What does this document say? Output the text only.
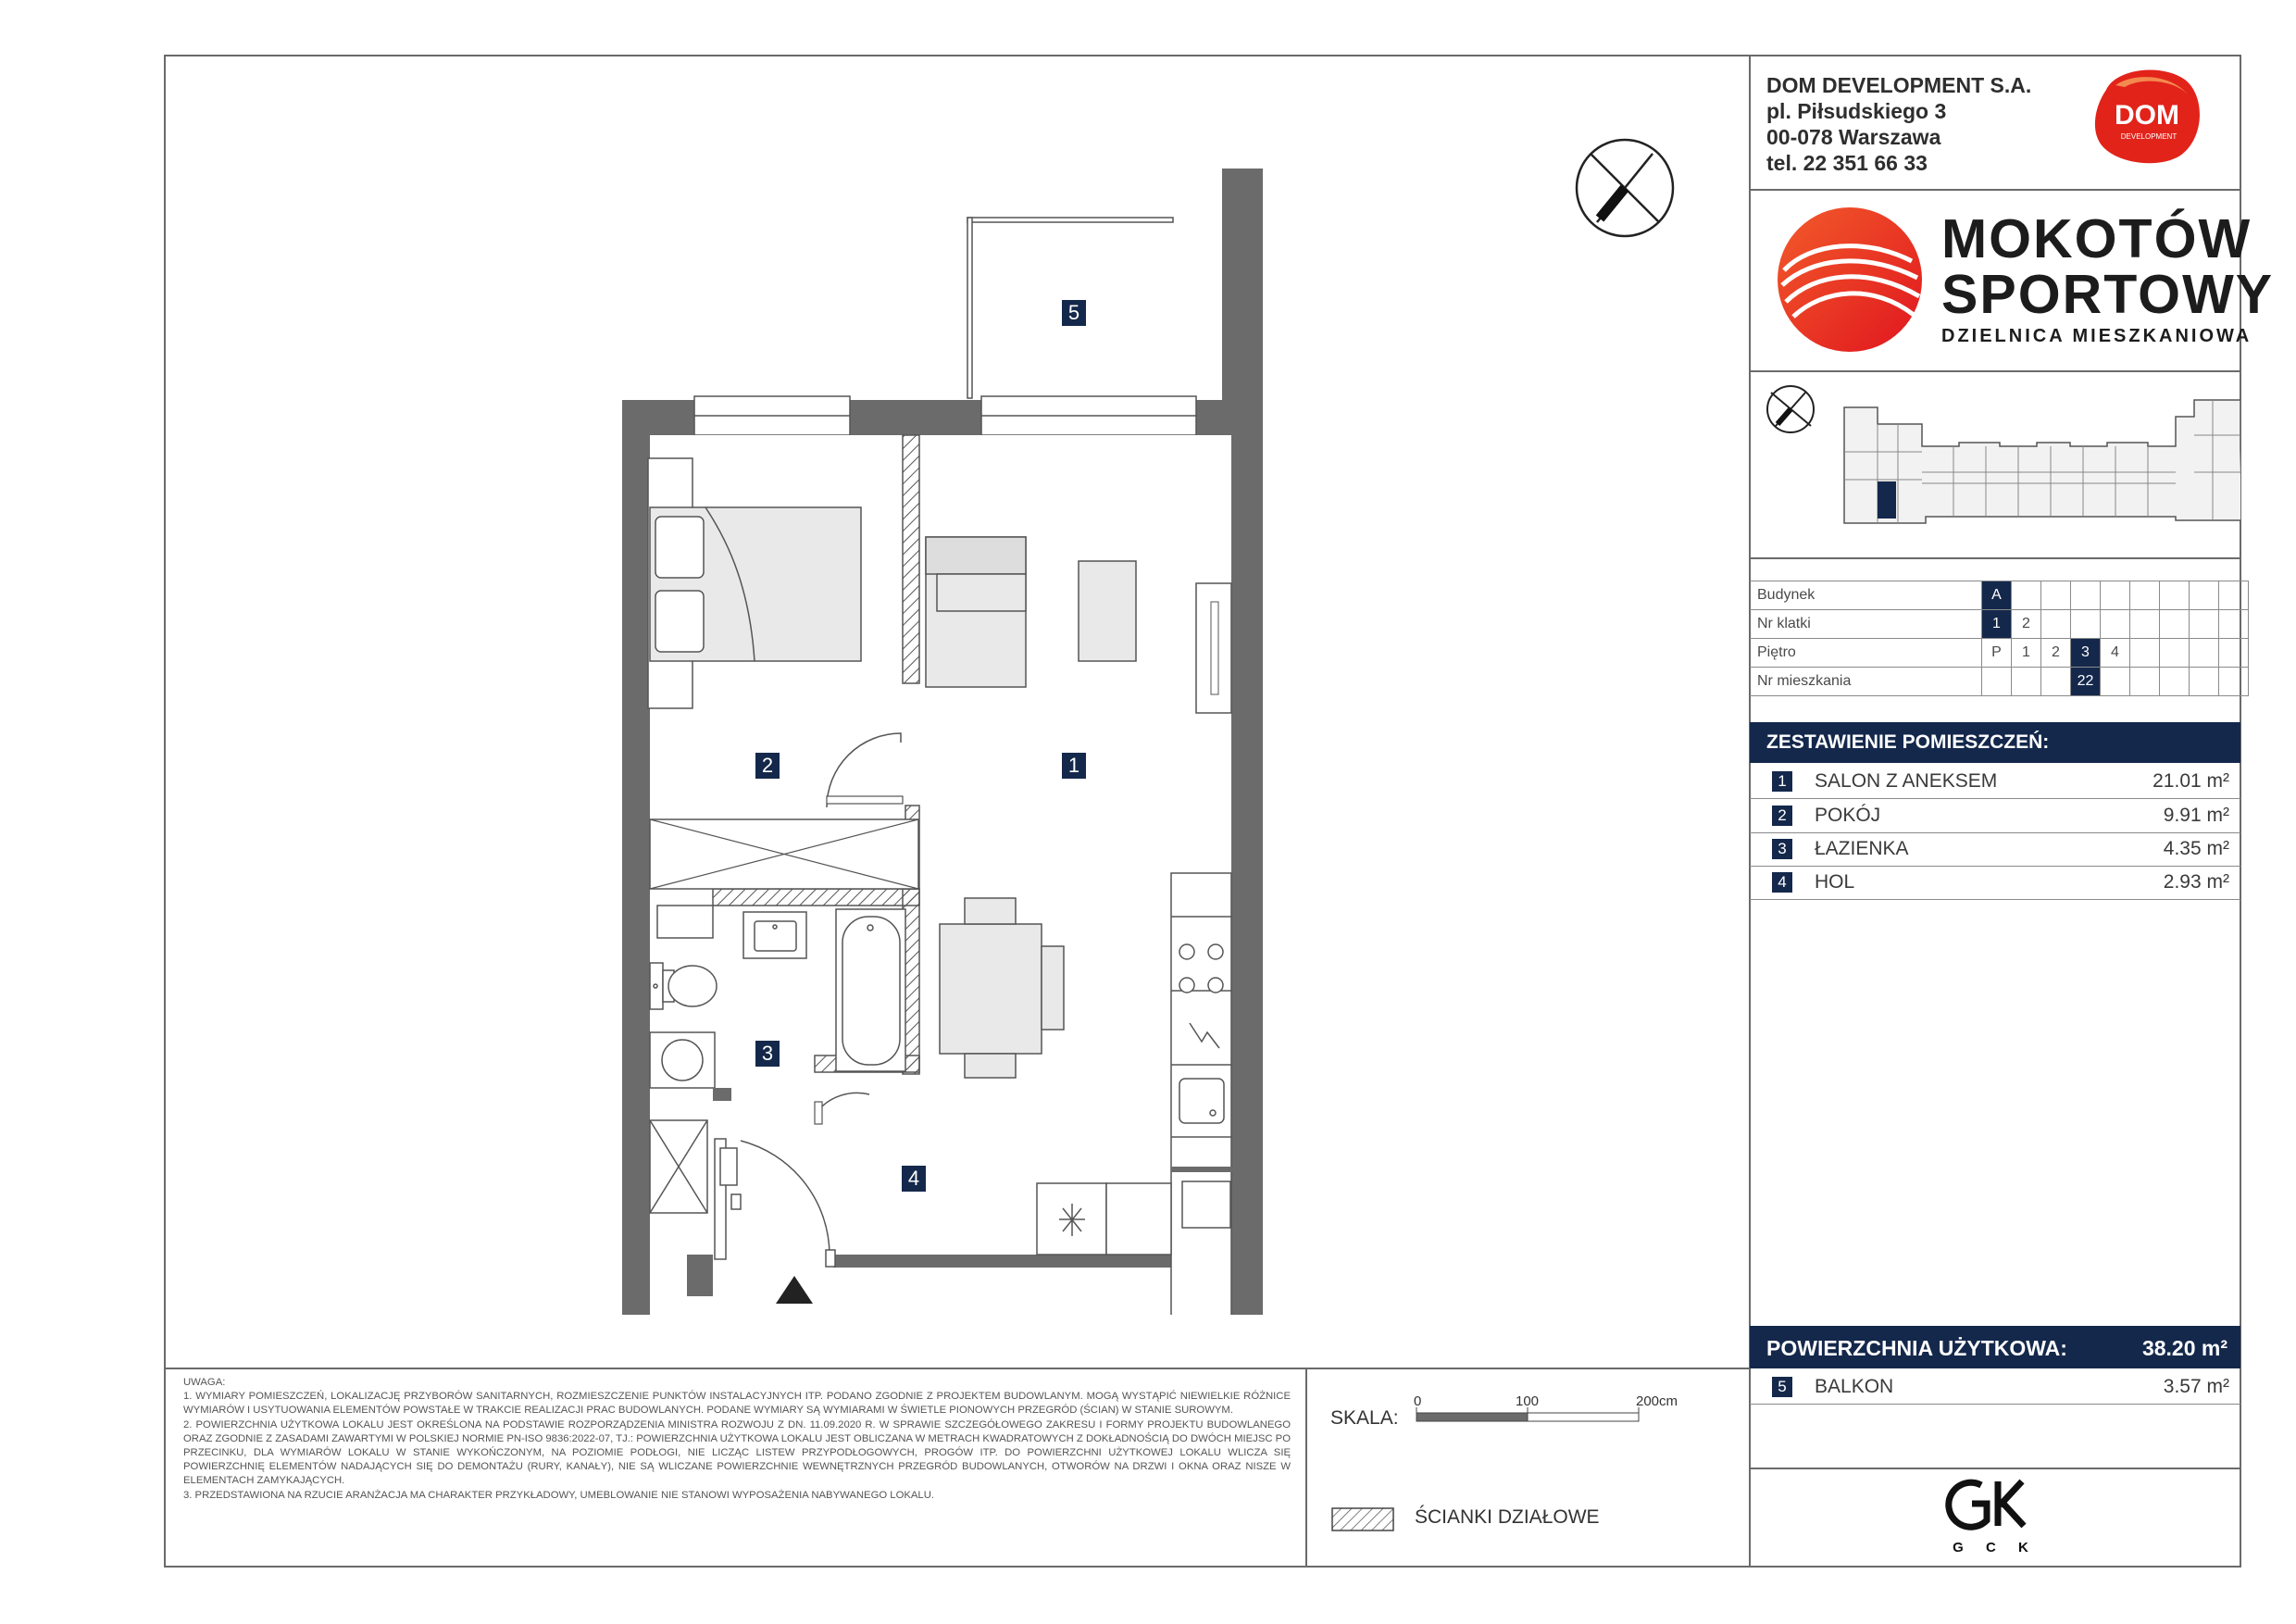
DOM DEVELOPMENT S.A.
pl. Piłsudskiego 3
00-078 Warszawa
tel. 22 351 66 33
DOM
DEVELOPMENT
MOKOTÓW
SPORTOWY
DZIELNICA MIESZKANIOWA
Budynek	A								
Nr klatki	1	2							
Piętro	P	1	2	3	4				
Nr mieszkania				22					
ZESTAWIENIE POMIESZCZEŃ:
1 SALON Z ANEKSEM	21.01 m²
2 POKÓJ	9.91 m²
3 ŁAZIENKA	4.35 m²
4 HOL	2.93 m²
POWIERZCHNIA UŻYTKOWA:	38.20 m²
5 BALKON	3.57 m²
G C K

UWAGA:

1. WYMIARY POMIESZCZEŃ, LOKALIZACJĘ PRZYBORÓW SANITARNYCH, ROZMIESZCZENIE PUNKTÓW INSTALACYJNYCH ITP. PODANO ZGODNIE Z PROJEKTEM BUDOWLANYM. MOGĄ WYSTĄPIĆ NIEWIELKIE RÓŻNICE WYMIARÓW I USYTUOWANIA ELEMENTÓW POWSTAŁE W TRAKCIE REALIZACJI PRAC BUDOWLANYCH. PODANE WYMIARY SĄ WYMIARAMI W ŚWIETLE PIONOWYCH PRZEGRÓD (ŚCIAN) W STANIE SUROWYM.

2. POWIERZCHNIA UŻYTKOWA LOKALU JEST OKREŚLONA NA PODSTAWIE ROZPORZĄDZENIA MINISTRA ROZWOJU Z DN. 11.09.2020 R. W SPRAWIE SZCZEGÓŁOWEGO ZAKRESU I FORMY PROJEKTU BUDOWLANEGO ORAZ ZGODNIE Z ZASADAMI ZAWARTYMI W POLSKIEJ NORMIE PN-ISO 9836:2022-07, TJ.: POWIERZCHNIA UŻYTKOWA LOKALU JEST OBLICZANA W METRACH KWADRATOWYCH Z DOKŁADNOŚCIĄ DO DWÓCH MIEJSC PO PRZECINKU, DLA WYMIARÓW LOKALU W STANIE WYKOŃCZONYM, NA POZIOMIE PODŁOGI, NIE LICZĄC LISTEW PRZYPODŁOGOWYCH, PROGÓW ITP. DO POWIERZCHNI UŻYTKOWEJ LOKALU WLICZA SIĘ POWIERZCHNIĘ ELEMENTÓW NADAJĄCYCH SIĘ DO DEMONTAŻU (RURY, KANAŁY), NIE SĄ WLICZANE POWIERZCHNIE WEWNĘTRZNYCH PRZEGRÓD BUDOWLANYCH, OTWORÓW NA DRZWI I OKNA ORAZ NISZE W ELEMENTACH ZAMYKAJĄCYCH.

3. PRZEDSTAWIONA NA RZUCIE ARANŻACJA MA CHARAKTER PRZYKŁADOWY, UMEBLOWANIE NIE STANOWI WYPOSAŻENIA NABYWANEGO LOKALU.

SKALA:
0	100	200cm
ŚCIANKI DZIAŁOWE
5
1
2
3
4
